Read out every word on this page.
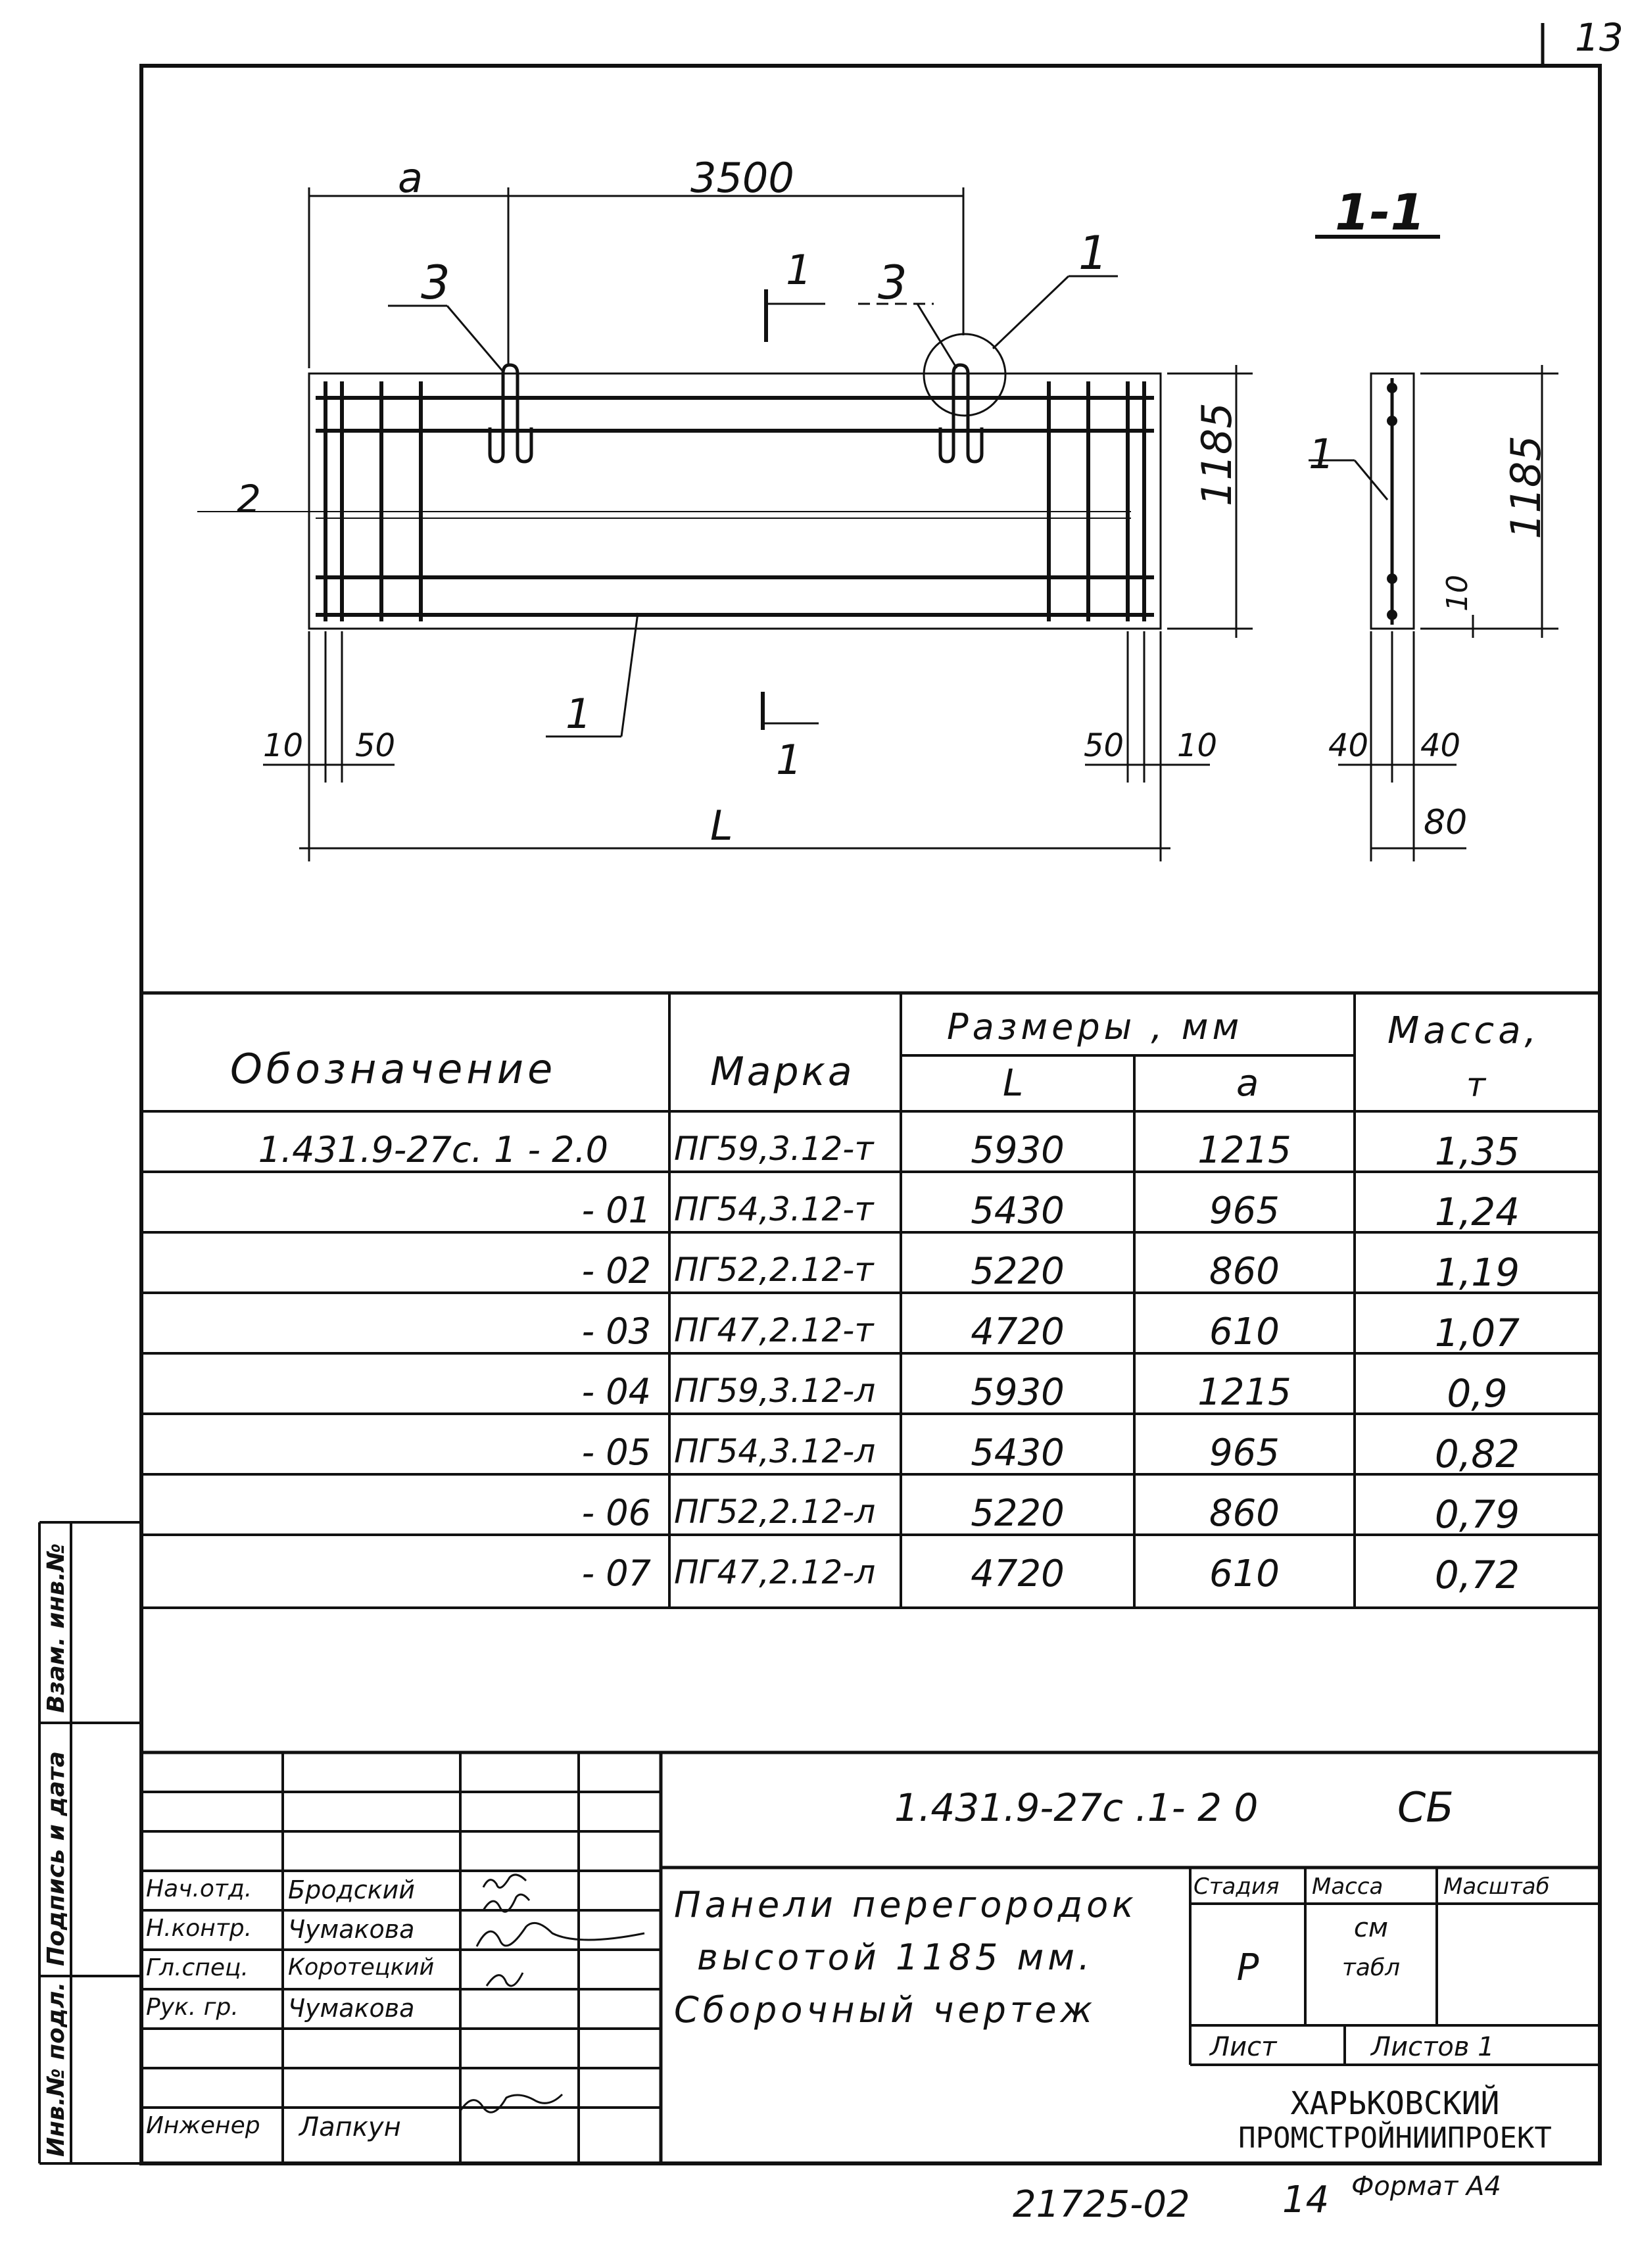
13
1-1
a	3500
3	1 3
1
2
1
1
1185
10 50	50 10
L
1	1185
10
40 40
80
Обозначение	Марка
Размеры , мм
L	a
Масса,
т
1.431.9-27с. 1 - 2.0 ПГ59,3.12-т	5930	1215	1,35
- 01 ПГ54,3.12-т	5430	965	1,24
- 02 ПГ52,2.12-т	5220	860	1,19
- 03 ПГ47,2.12-т	4720	610	1,07
- 04 ПГ59,3.12-л	5930	1215	0,9
- 05 ПГ54,3.12-л	5430	965	0,82
- 06 ПГ52,2.12-л	5220	860	0,79
- 07 ПГ47,2.12-л	4720	610	0,72
Инв.№ подл.
Подпись и дата
Взам. инв.№
1.431.9-27с .1- 2 0	СБ
Панели перегородок
высотой 1185 мм.
Сборочный чертеж
Стадия Масса	Масштаб
Р
см
табл
Лист	Листов 1
ХАРЬКОВСКИЙ
ПРОМСТРОЙНИИПРОЕКТ
Нач.отд. Бродский
Н.контр. Чумакова
Гл.спец. Коротецкий
Рук. гр. Чумакова
Инженер Лапкун
21725-02	14 Формат А4
